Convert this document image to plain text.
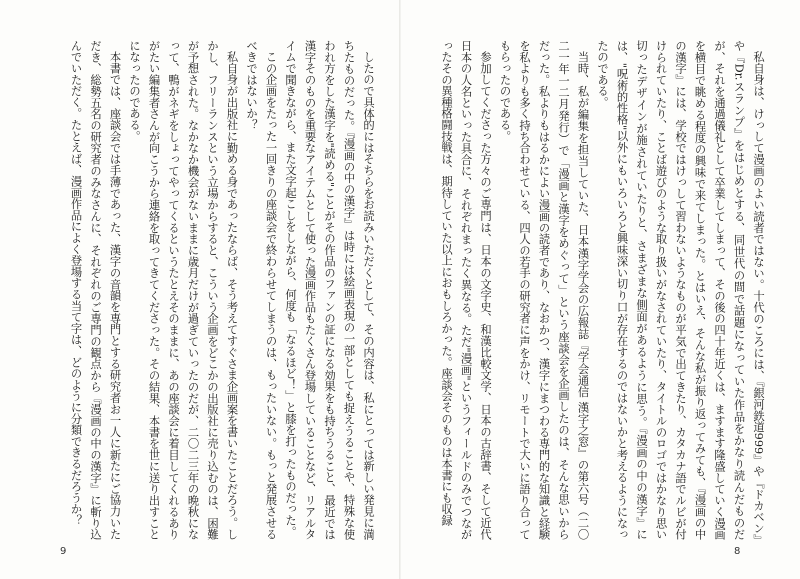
したので具体的にはそちらをお読みいただくとして、その内容は、私にとっては新しい発見に満ちたものだった。『漫画の中の漢字』は時には絵画表現の一部としても捉えうることや、特殊な使われ方をした漢字を"読める"ことがその作品のファンの証になる効果をも持ちうること、最近では漢字そのものを重要なアイテムとして使った漫画作品もたくさん登場していることなど、リアルタイムで聞きながら、また文字起こしをしながら、何度も「なるほど！」と膝を打ったものだった。

この企画をたった一回きりの座談会で終わらせてしまうのは、もったいない。もっと発展させるべきではないか？

私自身が出版社に勤める身であったならば、そう考えてすぐさま企画案を書いたことだろう。しかし、フリーランスという立場からすると、こういう企画をどこかの出版社に売り込むのは、困難が予想された。なかなか機会がないままに歳月だけが過ぎていったのだが、二〇二三年の晩秋になって、鴨がネギをしょってやってくるというたとえそのままに、あの座談会に着目してくれるありがたい編集者さんが向こうから連絡を取ってきてくださった。その結果、本書を世に送り出すことになったのである。

本書では、座談会では手薄であった、漢字の音韻を専門とする研究者お一人に新たにご協力いただき、総勢五名の研究者のみなさんに、それぞれのご専門の観点から『漫画の中の漢字』に斬り込んでいただく。たとえば、漫画作品によく登場する当て字は、どのように分類できるだろうか？	私自身は、けっして漫画のよい読者ではない。十代のころには、『銀河鉄道999』や『ドカベン』や『Dr.スランプ』をはじめとする、同世代の間で話題になっていた作品をかなり読んだものだが、それを通過儀礼として卒業してしまって、その後の四十年近くは、ますます隆盛していく漫画を横目で眺める程度の興味で来てしまった。とはいえ、そんな私が振り返ってみても、『漫画の中の漢字』には、学校ではけっして習わないようなものが平気で出てきたり、カタカナ語でルビが付けられていたり、ことば遊びのような取り扱いがなされていたり、タイトルのロゴではかなり思い切ったデザインが施されていたりと、さまざまな側面があるように思う。『漫画の中の漢字』には、"呪術的性格"以外にもいろいろと興味深い切り口が存在するのではないかと考えるようになったのである。

当時、私が編集を担当していた、日本漢字学会の広報誌『学会通信 漢字之窓』の第六号（二〇二一年一二月発行）で「漫画と漢字をめぐって」という座談会を企画したのは、そんな思いから だった。私よりもはるかによい漫画の読者であり、なおかつ、漢字にまつわる専門的な知識と経験を私よりも多く持ち合わせている、四人の若手の研究者に声をかけ、リモートで大いに語り合ってもらったのである。

参加してくださった方々のご専門は、日本の文字史、和漢比較文学、日本の古辞書、そして近代日本の人名といった具合に、それぞれまったく異なる。ただ"漫画"というフィールドのみでつながったその異種格闘技戦は、期待していた以上におもしろかった。座談会そのものは本書にも収録

9	8
